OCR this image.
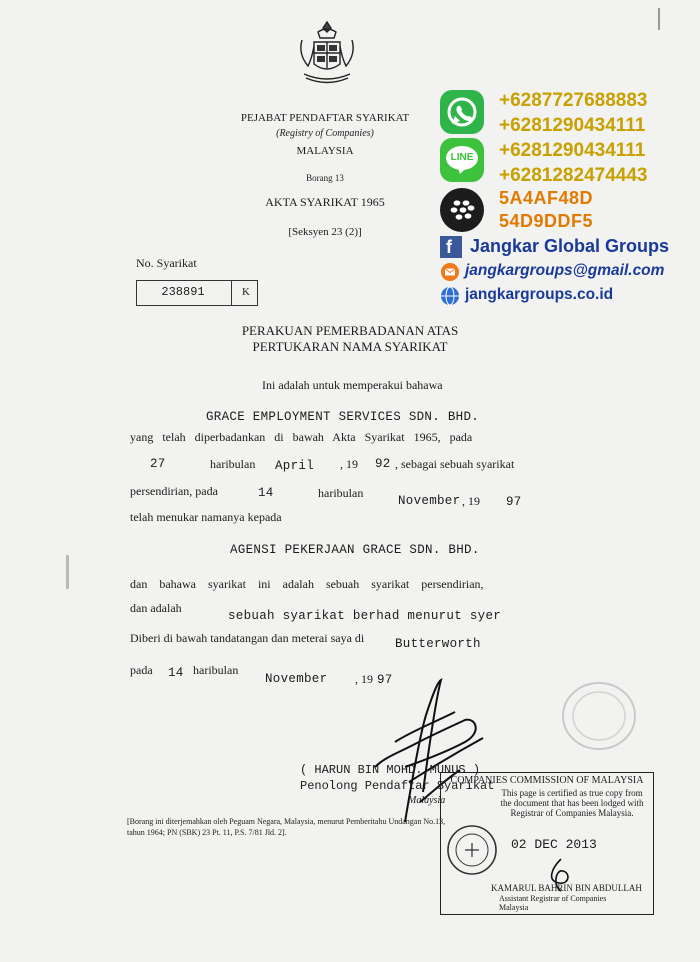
PEJABAT PENDAFTAR SYARIKAT
(Registry of Companies)
MALAYSIA
Borang 13
AKTA SYARIKAT 1965
[Seksyen 23 (2)]
No. Syarikat
238891	K
PERAKUAN PEMERBADANAN ATAS
PERTUKARAN NAMA SYARIKAT
Ini adalah untuk memperakui bahawa
GRACE EMPLOYMENT SERVICES SDN. BHD.
yang telah diperbadankan di bawah Akta Syarikat 1965, pada
27	haribulan April , 19 92 , sebagai sebuah syarikat
persendirian, pada	14	haribulan
November , 19 97
telah menukar namanya kepada
AGENSI PEKERJAAN GRACE SDN. BHD.
dan bahawa syarikat ini adalah sebuah syarikat persendirian,
dan adalah
sebuah syarikat berhad menurut syer
Diberi di bawah tandatangan dan meterai saya di Butterworth
pada 14 haribulan
November , 19 97
( HARUN BIN MOHD. MUNUS )
Penolong Pendaftar Syarikat
Malaysia
[Borang ini diterjemahkan oleh Peguam Negara, Malaysia, menurut Pemberitahu Undangan No.13,
tahun 1964; PN (SBK) 23 Pt. 11, P.S. 7/81 Jld. 2].
COMPANIES COMMISSION OF MALAYSIA
This page is certified as true copy from
the document that has been lodged with
Registrar of Companies Malaysia.
02 DEC 2013
KAMARUL BAHRIN BIN ABDULLAH
Assistant Registrar of Companies
Malaysia
LINE
+6287727688883
+6281290434111
+6281290434111
+6281282474443
5A4AF48D
54D9DDF5
f Jangkar Global Groups
jangkargroups@gmail.com
jangkargroups.co.id
